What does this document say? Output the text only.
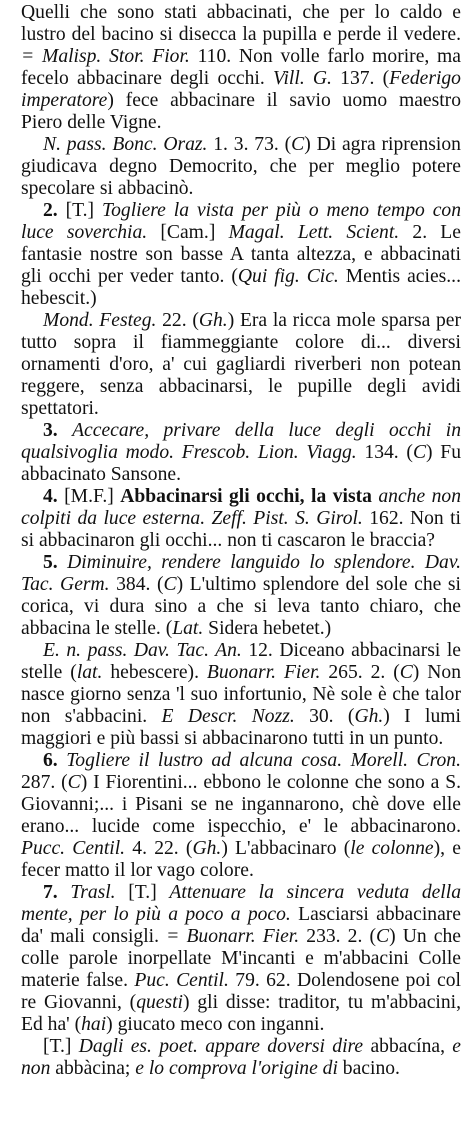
Quelli che sono stati abbacinati, che per lo caldo e lustro del bacino si disecca la pupilla e perde il vedere. = Malisp. Stor. Fior. 110. Non volle farlo morire, ma fecelo abbacinare degli occhi. Vill. G. 137. (Federigo imperatore) fece abbacinare il savio uomo maestro Piero delle Vigne.

N. pass. Bonc. Oraz. 1. 3. 73. (C) Di agra riprension giudicava degno Democrito, che per meglio potere specolare si abbacinò.

2. [T.] Togliere la vista per più o meno tempo con luce soverchia. [Cam.] Magal. Lett. Scient. 2. Le fantasie nostre son basse A tanta altezza, e abbacinati gli occhi per veder tanto. (Qui fig. Cic. Mentis acies... hebescit.)

Mond. Festeg. 22. (Gh.) Era la ricca mole sparsa per tutto sopra il fiammeggiante colore di... diversi ornamenti d'oro, a' cui gagliardi riverberi non potean reggere, senza abbacinarsi, le pupille degli avidi spettatori.

3. Accecare, privare della luce degli occhi in qualsivoglia modo. Frescob. Lion. Viagg. 134. (C) Fu abbacinato Sansone.

4. [M.F.] Abbacinarsi gli occhi, la vista anche non colpiti da luce esterna. Zeff. Pist. S. Girol. 162. Non ti si abbacinaron gli occhi... non ti cascaron le braccia?

5. Diminuire, rendere languido lo splendore. Dav. Tac. Germ. 384. (C) L'ultimo splendore del sole che si corica, vi dura sino a che si leva tanto chiaro, che abbacina le stelle. (Lat. Sidera hebetet.)

E. n. pass. Dav. Tac. An. 12. Diceano abbacinarsi le stelle (lat. hebescere). Buonarr. Fier. 265. 2. (C) Non nasce giorno senza 'l suo infortunio, Nè sole è che talor non s'abbacini. E Descr. Nozz. 30. (Gh.) I lumi maggiori e più bassi si abbacinarono tutti in un punto.

6. Togliere il lustro ad alcuna cosa. Morell. Cron. 287. (C) I Fiorentini... ebbono le colonne che sono a S. Giovanni;... i Pisani se ne ingannarono, chè dove elle erano... lucide come ispecchio, e' le abbacinarono. Pucc. Centil. 4. 22. (Gh.) L'abbacinaro (le colonne), e fecer matto il lor vago colore.

7. Trasl. [T.] Attenuare la sincera veduta della mente, per lo più a poco a poco. Lasciarsi abbacinare da' mali consigli. = Buonarr. Fier. 233. 2. (C) Un che colle parole inorpellate M'incanti e m'abbacini Colle materie false. Puc. Centil. 79. 62. Dolendosene poi col re Giovanni, (questi) gli disse: traditor, tu m'abbacini, Ed ha' (hai) giucato meco con inganni.

[T.] Dagli es. poet. appare doversi dire abbacína, e non abbàcina; e lo comprova l'origine di bacino.
